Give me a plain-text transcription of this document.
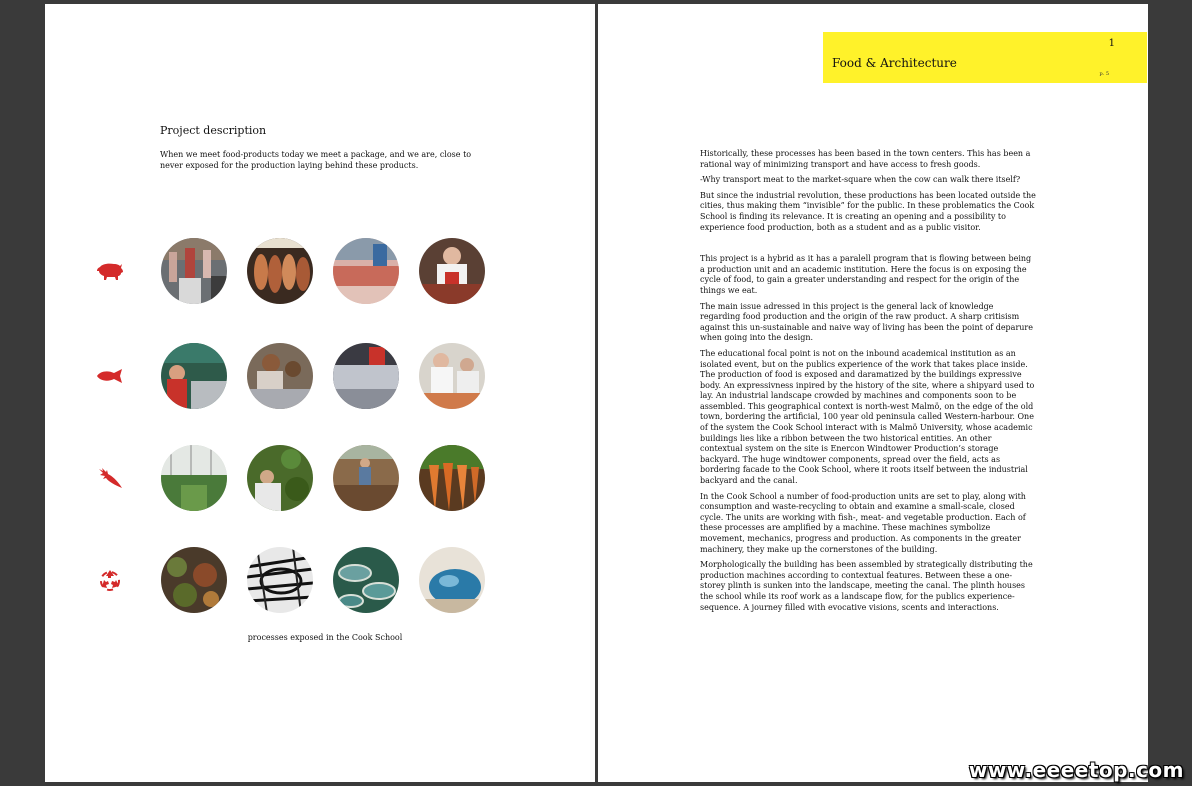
Project description
When we meet food-products today we meet a package, and we are, close to never exposed for the production laying behind these products.
processes exposed in the Cook School
1
Food & Architecture
p. 5

Historically, these processes has been based in the town centers. This has been a rational way of minimizing transport and have access to fresh goods.

-Why transport meat to the market-square when the cow can walk there itself?

But since the industrial revolution, these productions has been located outside the cities, thus making them “invisible” for the public. In these problematics the Cook School is finding its relevance. It is creating an opening and a possibility to experience food production, both as a student and as a public visitor.

This project is a hybrid as it has a paralell program that is flowing between being a production unit and an academic institution. Here the focus is on exposing the cycle of food, to gain a greater understanding and respect for the origin of the things we eat.

The main issue adressed in this project is the general lack of knowledge regarding food production and the origin of the raw product. A sharp critisism against this un-sustainable and naive way of living has been the point of deparure when going into the design.

The educational focal point is not on the inbound academical institution as an isolated event, but on the publics experience of the work that takes place inside. The production of food is exposed and daramatized by the buildings expressive body. An expressivness inpired by the history of the site, where a shipyard used to lay. An industrial landscape crowded by machines and components soon to be assembled. This geographical context is north-west Malmö, on the edge of the old town, bordering the artificial, 100 year old peninsula called Western-harbour. One of the system the Cook School interact with is Malmö University, whose academic buildings lies like a ribbon between the two historical entities. An other contextual system on the site is Enercon Windtower Production’s storage backyard. The huge windtower components, spread over the field, acts as bordering facade to the Cook School, where it roots itself between the industrial backyard and the canal.

In the Cook School a number of food-production units are set to play, along with consumption and waste-recycling to obtain and examine a small-scale, closed cycle. The units are working with fish-, meat- and vegetable production. Each of these processes are amplified by a machine. These machines symbolize movement, mechanics, progress and production. As components in the greater machinery, they make up the cornerstones of the building.

Morphologically the building has been assembled by strategically distributing the production machines according to contextual features. Between these a one-storey plinth is sunken into the landscape, meeting the canal. The plinth houses the school while its roof work as a landscape flow, for the publics experience-sequence. A journey filled with evocative visions, scents and interactions.

www.eeeetop.com
